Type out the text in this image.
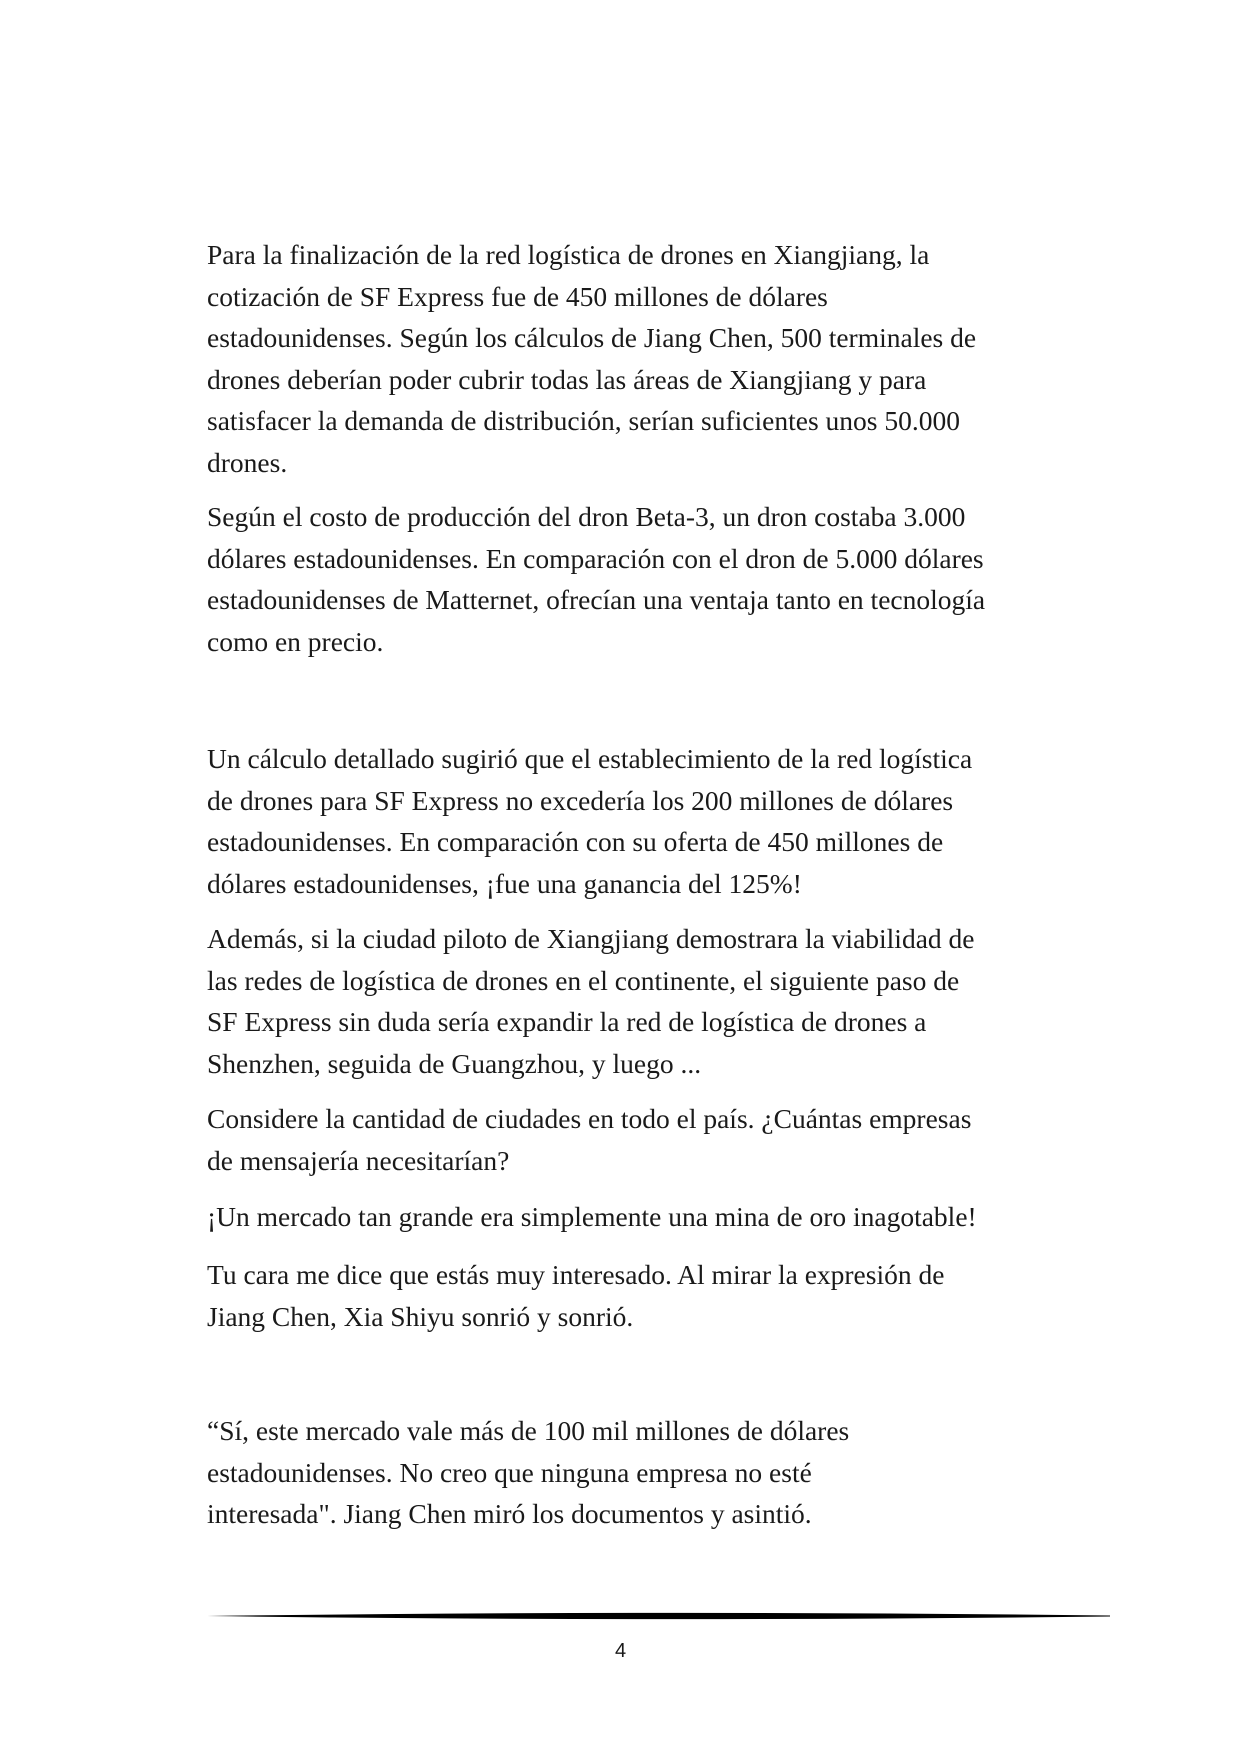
Para la finalización de la red logística de drones en Xiangjiang, la
cotización de SF Express fue de 450 millones de dólares
estadounidenses. Según los cálculos de Jiang Chen, 500 terminales de
drones deberían poder cubrir todas las áreas de Xiangjiang y para
satisfacer la demanda de distribución, serían suficientes unos 50.000
drones.

Según el costo de producción del dron Beta-3, un dron costaba 3.000
dólares estadounidenses. En comparación con el dron de 5.000 dólares
estadounidenses de Matternet, ofrecían una ventaja tanto en tecnología
como en precio.

Un cálculo detallado sugirió que el establecimiento de la red logística
de drones para SF Express no excedería los 200 millones de dólares
estadounidenses. En comparación con su oferta de 450 millones de
dólares estadounidenses, ¡fue una ganancia del 125%!

Además, si la ciudad piloto de Xiangjiang demostrara la viabilidad de
las redes de logística de drones en el continente, el siguiente paso de
SF Express sin duda sería expandir la red de logística de drones a
Shenzhen, seguida de Guangzhou, y luego ...

Considere la cantidad de ciudades en todo el país. ¿Cuántas empresas
de mensajería necesitarían?

¡Un mercado tan grande era simplemente una mina de oro inagotable!

Tu cara me dice que estás muy interesado. Al mirar la expresión de
Jiang Chen, Xia Shiyu sonrió y sonrió.

“Sí, este mercado vale más de 100 mil millones de dólares
estadounidenses. No creo que ninguna empresa no esté
interesada". Jiang Chen miró los documentos y asintió.

4
